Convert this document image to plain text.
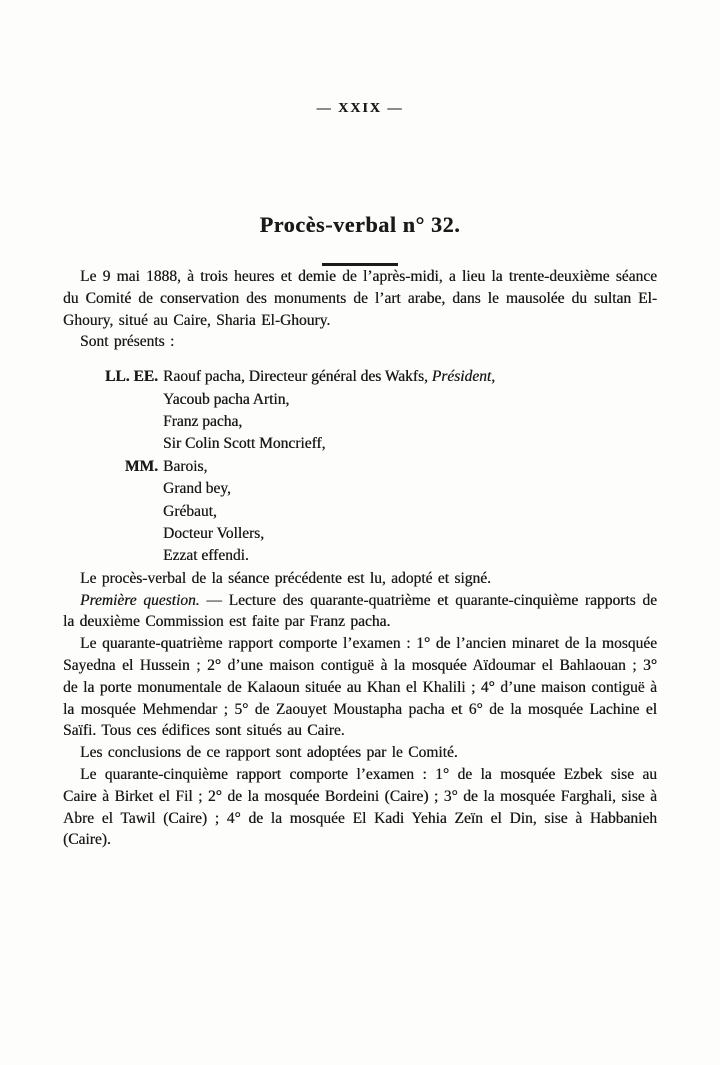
— XXIX —
Procès-verbal n° 32.

Le 9 mai 1888, à trois heures et demie de l’après-midi, a lieu la trente-deuxième séance du Comité de conservation des monuments de l’art arabe, dans le mausolée du sultan El-Ghoury, situé au Caire, Sharia El-Ghoury.

Sont présents :

LL. EE. Raouf pacha, Directeur général des Wakfs, Président,
Yacoub pacha Artin,
Franz pacha,
Sir Colin Scott Moncrieff,
MM. Barois,
Grand bey,
Grébaut,
Docteur Vollers,
Ezzat effendi.

Le procès-verbal de la séance précédente est lu, adopté et signé.

Première question. — Lecture des quarante-quatrième et quarante-cinquième rapports de la deuxième Commission est faite par Franz pacha.

Le quarante-quatrième rapport comporte l’examen : 1° de l’ancien minaret de la mosquée Sayedna el Hussein ; 2° d’une maison contiguë à la mosquée Aïdoumar el Bahlaouan ; 3° de la porte monumentale de Kalaoun située au Khan el Khalili ; 4° d’une maison contiguë à la mosquée Mehmendar ; 5° de Zaouyet Moustapha pacha et 6° de la mosquée Lachine el Saïfi. Tous ces édifices sont situés au Caire.

Les conclusions de ce rapport sont adoptées par le Comité.

Le quarante-cinquième rapport comporte l’examen : 1° de la mosquée Ezbek sise au Caire à Birket el Fil ; 2° de la mosquée Bordeini (Caire) ; 3° de la mosquée Farghali, sise à Abre el Tawil (Caire) ; 4° de la mosquée El Kadi Yehia Zeïn el Din, sise à Habbanieh (Caire).
